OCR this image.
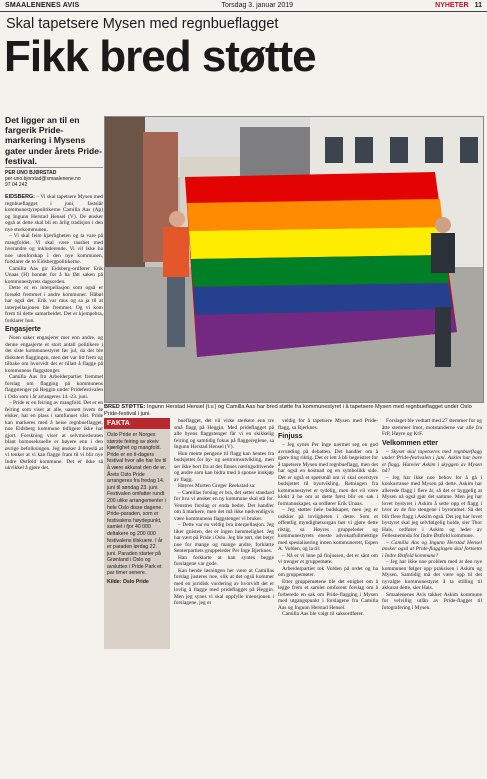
SMAALENENES AVIS	Torsdag 3. januar 2019	NYHETER 11
Skal tapetsere Mysen med regnbueflagget
Fikk bred støtte
Det ligger an til en fargerik Pride-markering i Mysens gater under årets Pride-festival.
PER UNO BJØRSTAD
per-uno.bjorstad@smaalenene.no
97 04 242

EIDSBERG: – Vi skal tapetsere Mysen med regnbueflagget i juni, fastslår kommunestyrepolitikerne Camilla Aas (Ap) og Ingunn Herstad Hensel (V). De ønsker også at dette skal bli en årlig tradisjon i den nye storkommunen.

– Vi skal feire kjærligheten og ta vare på mangfoldet. Vi skal være raushet med hverandre og inkluderende. Vi vil ikke ha noe utenforskap i den nye kommunen, forklarer de to Eidsbergpolitikerne.

Camilla Aas gir Eidsberg-ordfører Erik Unaas (H) honnør for å ha fått saken på kommunestyrets dagsorden.

Dette er en interpellasjon som også er forsøkt fremmet i andre kommuner. Håbøl har også det. Erik var raus og sa ja til at interpellasjonen ble fremmet. Og vi kom frem til dette samarbeidet. Det er kjempebra, forklarer hun.

Engasjerte

Noen saker engasjerer mer enn andre, og denne engasjerte et stort antall politikere i det siste kommunestyret før jul, da det ble diskutert flaggingen, men det var litt frem og tilbake om hvorvidt det er tillatt å flagge på kommunens flaggstenger.

Camilla Aas fra Arbeiderpartiet fremmet forslag om flagging på kommunens flaggstenger på Heggin under Pridefestivalen i Oslo som i år arrangeres 14.-23. juni.

– Pride er en feiring av mangfold. Det er en feiring som viser at alle, uansett hvem de elsker, har en plass i samfunnet vårt. Pride kan markeres med å heise regnbueflagget, noe Eidsberg kommune tidligere ikke har gjort. Forskning viser at selvmordsraten blant homoseksuelle er høyere enn i den øvrige befolkningen. Jeg ønsker å foreslå at vi tenker at vi kan flagge fram til vi blir nye Indre Østfold kommune. Det er ikke så ukvikkel å gjøre det.

BRED STØTTE: Ingunn Herstad Hensel (t.v.) og Camilla Aas har bred støtte fra kommunestyret i å tapetsere Mysen med regnbueflagget under Oslo Pride-festival i juni.
FAKTA
Oslo Pride er Norges største feiring av skeiv kjærlighet og mangfold. Pride er en ti-dagers festival hvor alle har lov til å være akkurat den de er. Årets Oslo Pride arrangeres fra fredag 14. juni til søndag 23. juni. Festivalen omfatter rundt 200 ulike arrangementer i hele Oslo disse dagene. Pride-paraden, som er festivalens høydepunkt, samlet i fjor 40 000 deltakere og 200 000 festivalens tilskuere. I år er paraden lørdag 22. juni. Paraden starter på Grønland i Oslo og avsluttes i Pride Park et par timer senere.
Kilde: Oslo Pride

bueflagget, det vil virke sterkere enn tre små flagg på Heggin. Med prideflagget på alle byens flaggstenger får vi en skikkelig feiring og samtidig fokus på flaggereglene, sa Ingunn Herstad Hensel (V).

Hun mente pengene til flagg kan hentes fra budsjettet for by- og sentrumsutvikling, men ser ikke bort fra at det finnes næringsdrivende og andre som kan bidra med å sponse innkjøp av flagg.

Høyres Morten Greger Reekstad sa:

– Camillas forslag er bra, det setter standard for hva vi ønsker en ny kommune skal stå for. Venstres forslag er enda bedre. Det handler om å markere, men det må ikke nødvendigvis være kommunens flaggstenger vi bruker.

– Dette var en veldig bra interpellasjon. Jeg liker gnisten, det er ingen hemmelighet. Jeg har vært på Pride i Oslo. Jeg ble rørt, det betyr noe for mange og mange andre, forklarte Senterpartiets gruppeleder Per Inge Bjerknes.

Han forklarte at han syntes begge forslagene var gode.

Kan hende løsningen her være at Camillas forslag justeres noe, slik at det også kommer med en juridisk vurdering av hvorvidt det er lovlig å flagge med prideflagget på Heggin. Men jeg synes vi skal oppfylle intensjonen i forslagene, jeg er

veldig for å tapetsere Mysen med Pride-flagg, sa Bjerknes.

Finjuss

– Jeg synes Per Inge nærmet seg en god avrunding på debatten. Det handler om å gjøre ting riktig. Det er lett å bli begeistret for å tapetsere Mysen med regnbueflagg, men det har også en kostnad og en symbolikk side. Det er også et spørsmål om vi skal overstyre budsjettet til byutvikling. Retningen fra kommunestyret er tydelig, men det vil være klokt å be om at dette først blir en sak i formannskapet, sa ordfører Erik Unaas.

– Jeg støtter hele budskapet, men jeg er usikker på lovligheten i dette. Som et offentlig myndighetsorgan bør vi gjøre dette riktig, sa Høyres gruppeleder og kommunestyrets eneste advokatfullmektige med spesialisering innen kommunerett, Espen A. Volden, og la til:

– Nå er vi inne på finjussen, det er sånt om vi trenger et gruppemøte.

Arbeiderpartiet tok Volden på ordet og ba om gruppemøter.

Etter gruppemøtene ble det enighet om å legge frem et samlet omforent forslag om å forberede en sak om Pride-flagging i Mysen med utgangspunkt i forslagene fra Camilla Aas og Ingunn Herstad Hensel.

Camilla Aas ble valgt til saksordfører.

Forslaget ble vedtatt med 27 stemmer for og åtte stemmer imot, motstanderne var alle fra FrP, Høyre og KrF.

Velkommen etter

– Skyset skal tapetseres med regnbueflagg under Pride-festivalen i juni. Askim har bare et flagg. Hanvier Askim i skyggen av Mysen nå?

– Jeg har ikke noe behov for å gå i konkurranse med Mysen på dette. Askim har allerede flagg i flere år, så det er hyggelig at Mysen nå også gjør det samme. Men jeg har lovet bystyret i Askim å sette opp et flagg i hver av de fire stengene i byrommet. Så det blir flere flagg i Askim også. Det jeg har lovet bystyret skal jeg selvfølgelig holde, sier Thor Hals, ordfører i Askim og leder av Fellesnemnda for Indre Østfold kommune.

– Camilla Aas og Ingunn Herstad Hensel ønsker også at Pride-flaggingen skal fortsette i Indre Østfold kommune?

– Jeg har ikke noe problem med at den nye kommunen følger opp praksisen i Askim og Mysen. Samtidig må det være opp til det nyvalgte kommunestyret å ta stilling til akkurat dette, sier Hals.

Smaalenenes Avis takker Askim kommune for velvillig utlån av Pride-flagget til fotografering i Mysen.
